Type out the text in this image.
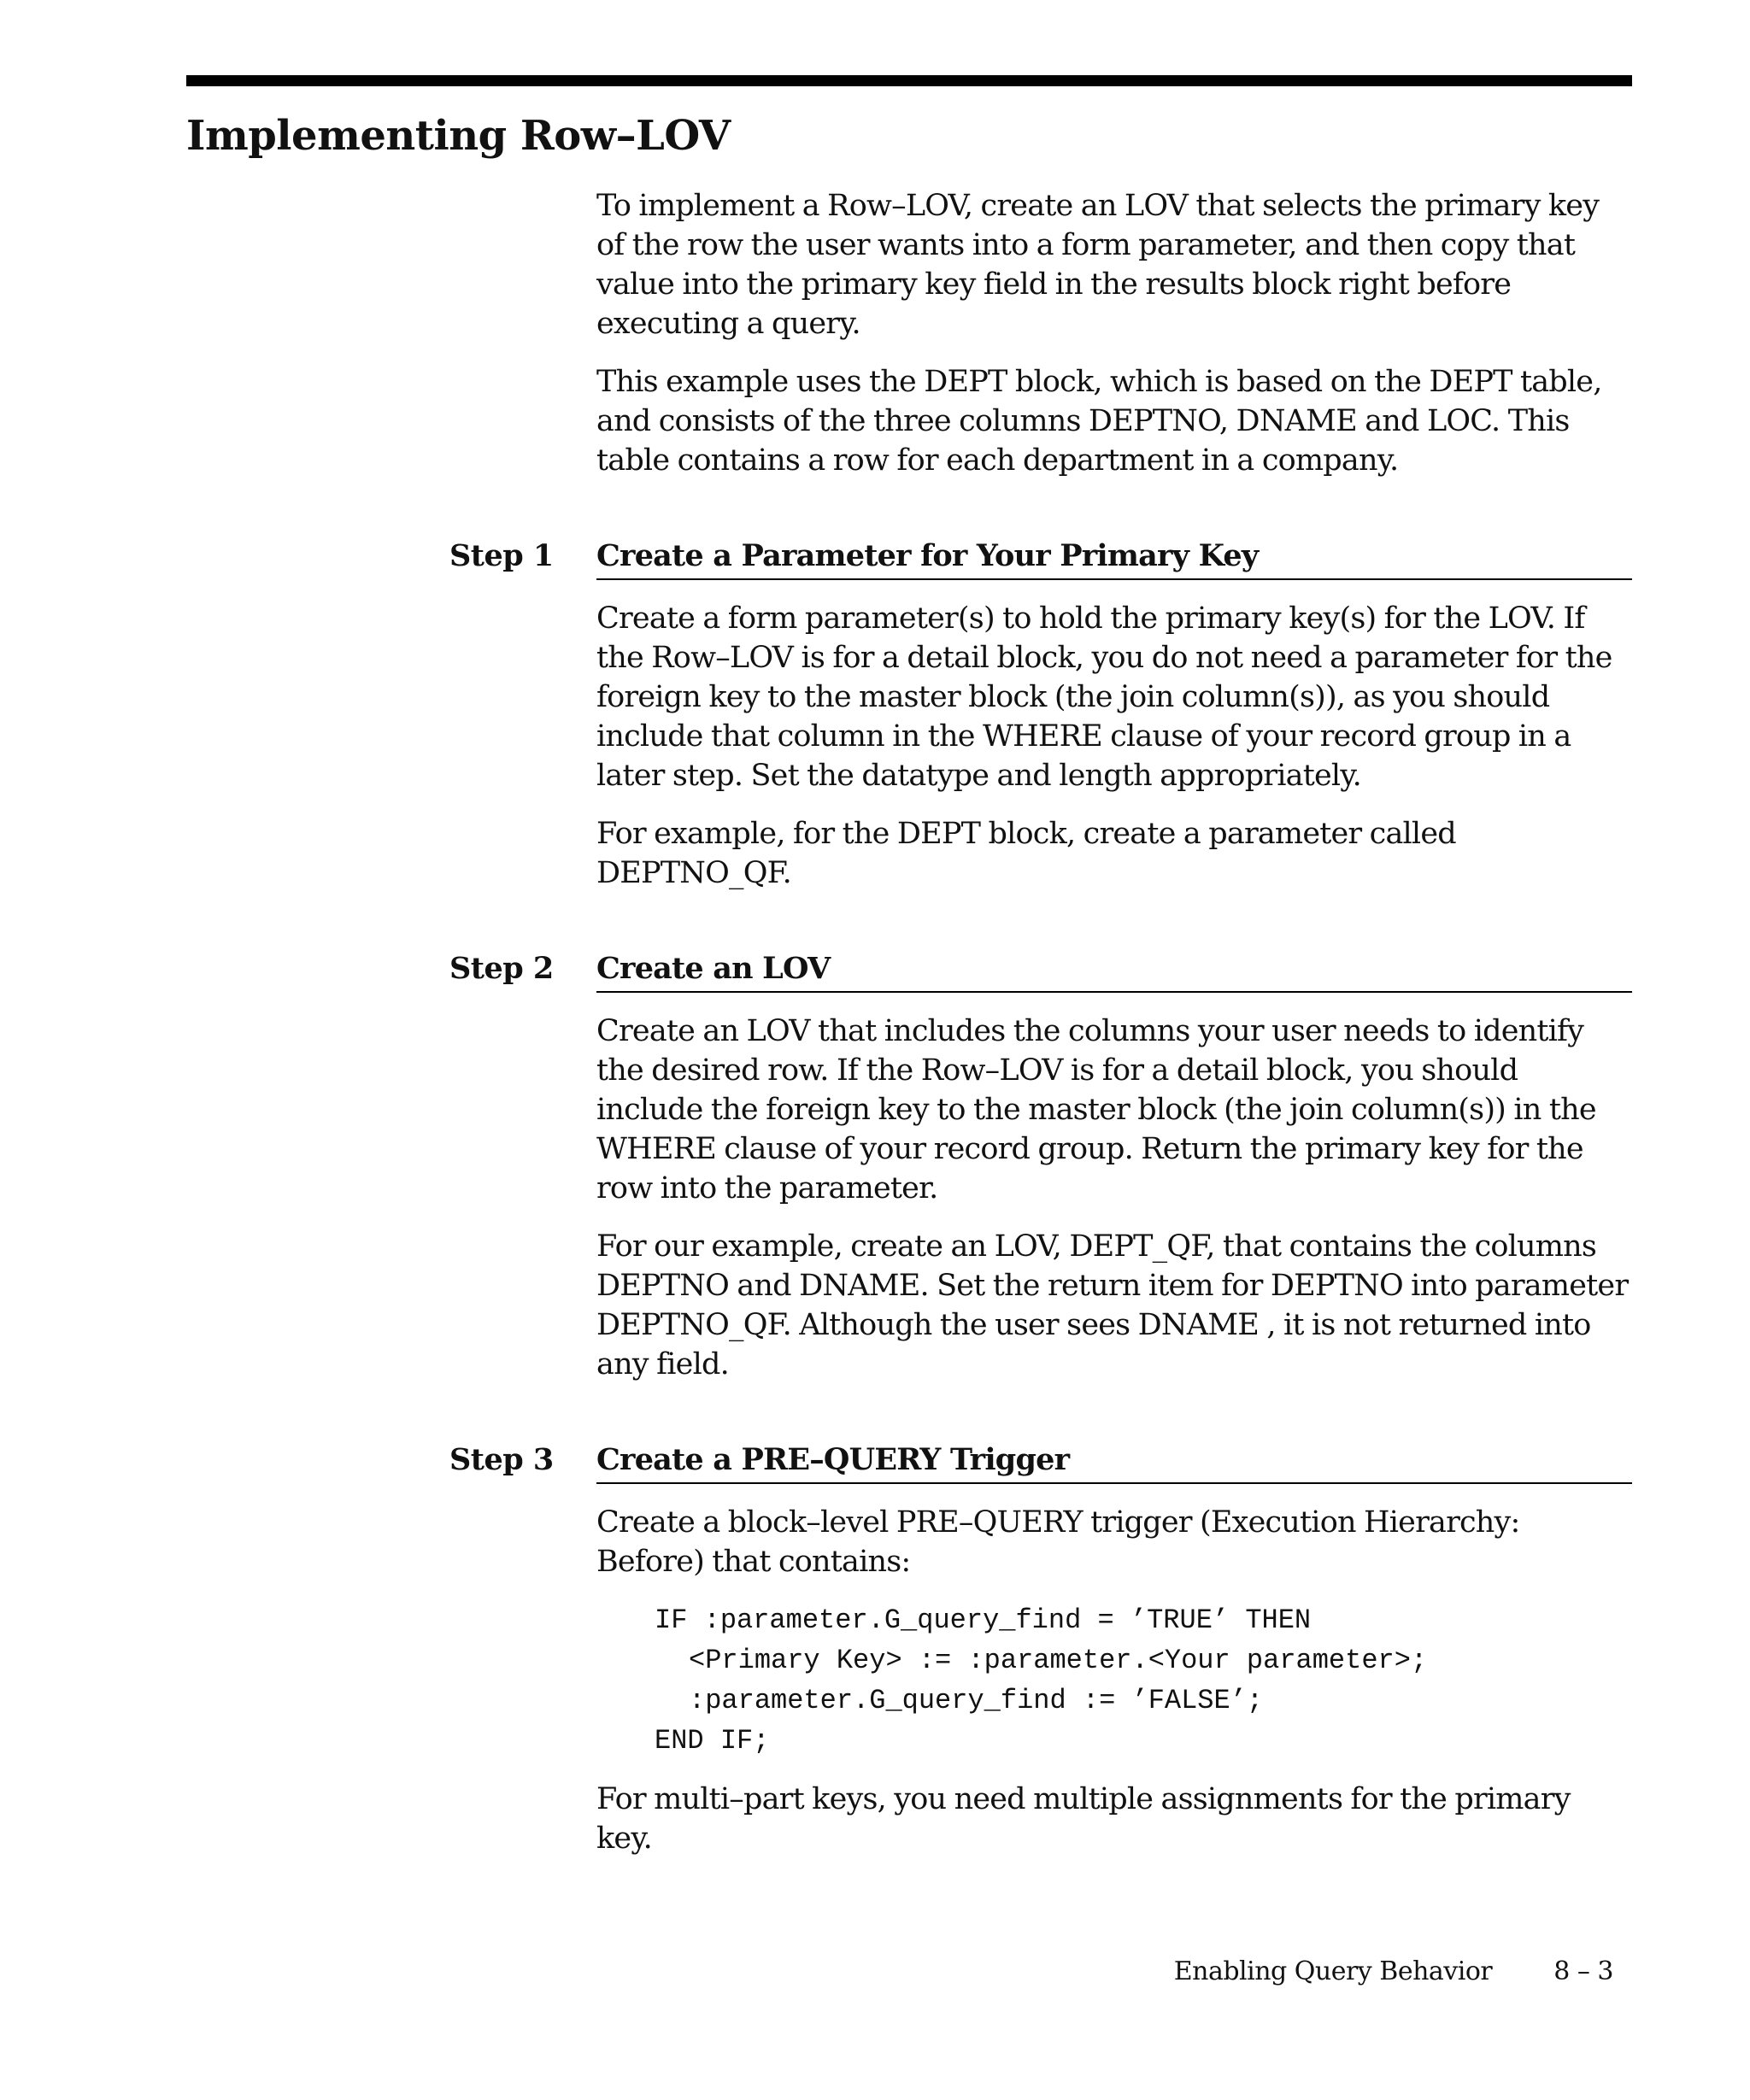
Implementing Row–LOV

To implement a Row–LOV, create an LOV that selects the primary key of the row the user wants into a form parameter, and then copy that value into the primary key field in the results block right before executing a query.

This example uses the DEPT block, which is based on the DEPT table, and consists of the three columns DEPTNO, DNAME and LOC. This table contains a row for each department in a company.

Step 1 Create a Parameter for Your Primary Key

Create a form parameter(s) to hold the primary key(s) for the LOV. If the Row–LOV is for a detail block, you do not need a parameter for the foreign key to the master block (the join column(s)), as you should include that column in the WHERE clause of your record group in a later step. Set the datatype and length appropriately.

For example, for the DEPT block, create a parameter called DEPTNO_QF.

Step 2 Create an LOV

Create an LOV that includes the columns your user needs to identify the desired row. If the Row–LOV is for a detail block, you should include the foreign key to the master block (the join column(s)) in the WHERE clause of your record group. Return the primary key for the row into the parameter.

For our example, create an LOV, DEPT_QF, that contains the columns DEPTNO and DNAME. Set the return item for DEPTNO into parameter DEPTNO_QF. Although the user sees DNAME , it is not returned into any field.

Step 3 Create a PRE–QUERY Trigger

Create a block–level PRE–QUERY trigger (Execution Hierarchy: Before) that contains:

IF :parameter.G_query_find = ’TRUE’ THEN
<Primary Key> := :parameter.<Your parameter>;
:parameter.G_query_find := ’FALSE’;
END IF;

For multi–part keys, you need multiple assignments for the primary key.

Enabling Query Behavior 8 – 3
